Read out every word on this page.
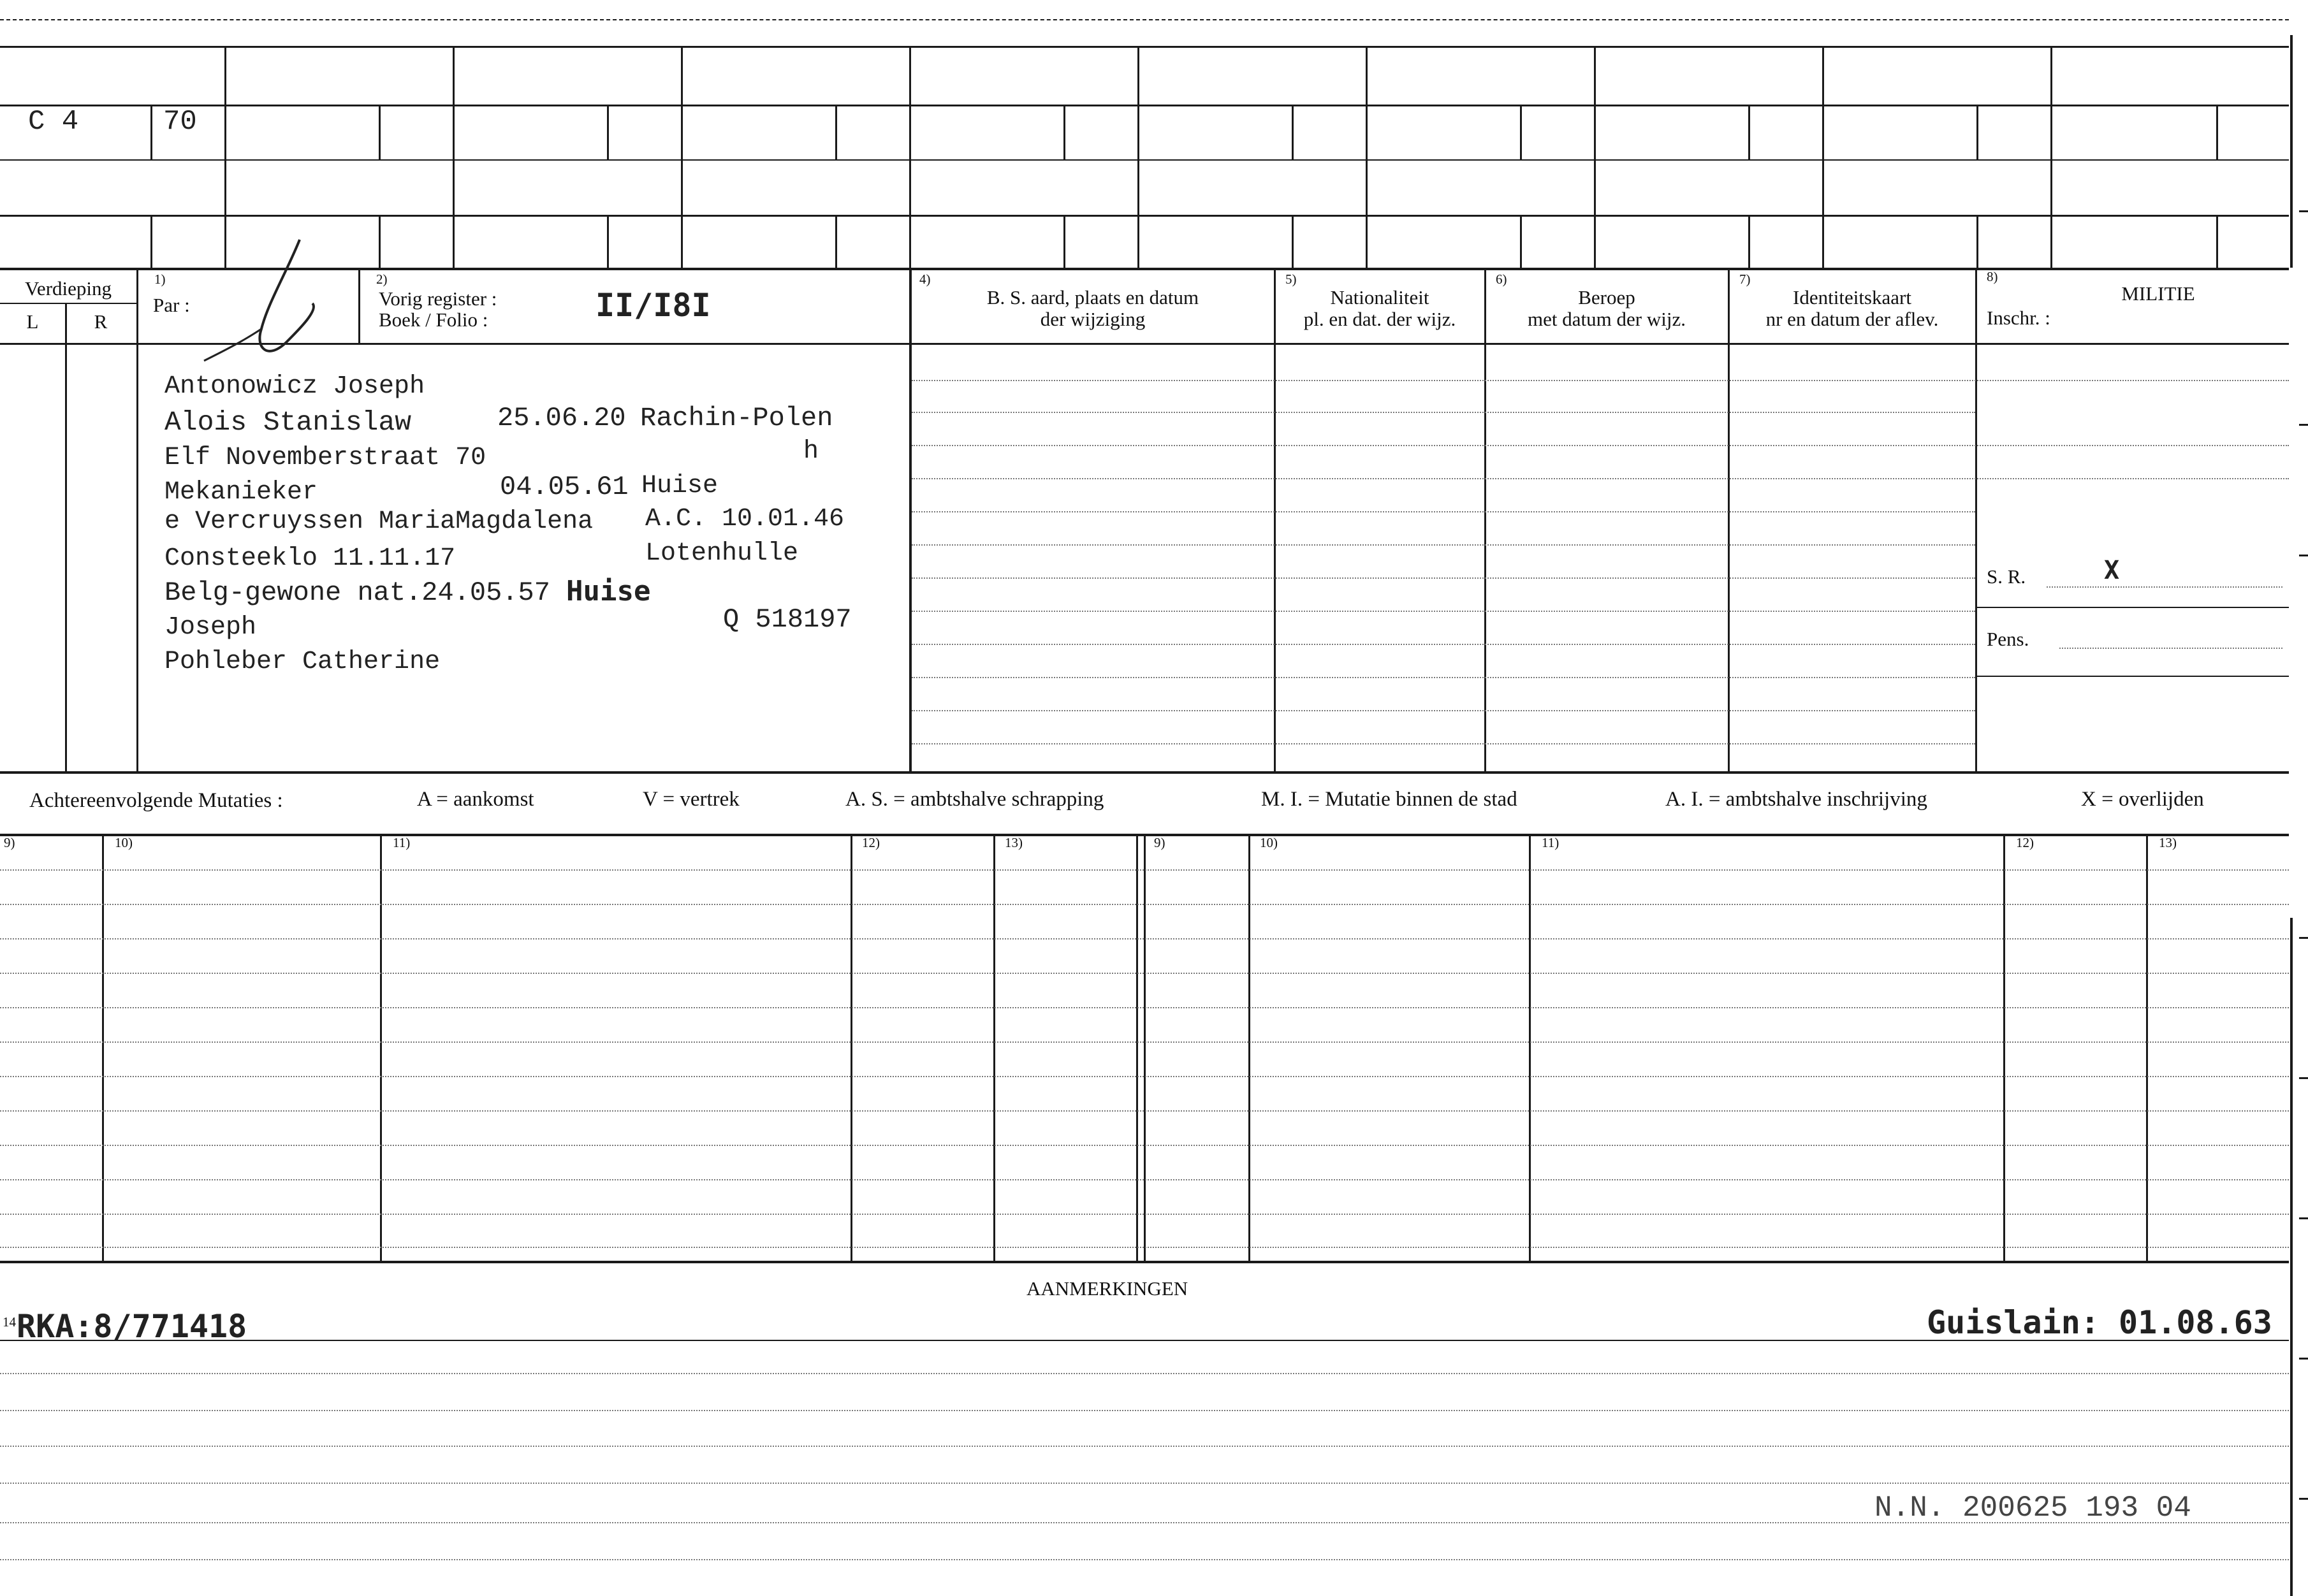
C 4	70
Verdieping
L	R
1)
Par :
2)
Vorig register :
Boek / Folio :	II/I8I
4)
B. S. aard, plaats en datum
der wijziging
5)
Nationaliteit
pl. en dat. der wijz.
6)
Beroep
met datum der wijz.
7)
Identiteitskaart
nr en datum der aflev.
8)
MILITIE
Inschr. :
S. R.	X
Pens.
Antonowicz Joseph
Alois Stanislaw	25.06.20 Rachin-Polen
h
Elf Novemberstraat 70
Mekanieker	04.05.61 Huise
e Vercruyssen MariaMagdalena A.C. 10.01.46
Consteeklo 11.11.17	Lotenhulle
Belg-gewone nat.24.05.57 Huise
Joseph	Q 518197
Pohleber Catherine
Achtereenvolgende Mutaties :	A = aankomst	V = vertrek	A. S. = ambtshalve schrapping	M. I. = Mutatie binnen de stad	A. I. = ambtshalve inschrijving	X = overlijden
9)	10)	11)	12)	13)	9)	10)	11)	12)	13)
AANMERKINGEN
14 RKA:8/771418	Guislain: 01.08.63
N.N. 200625 193 04
